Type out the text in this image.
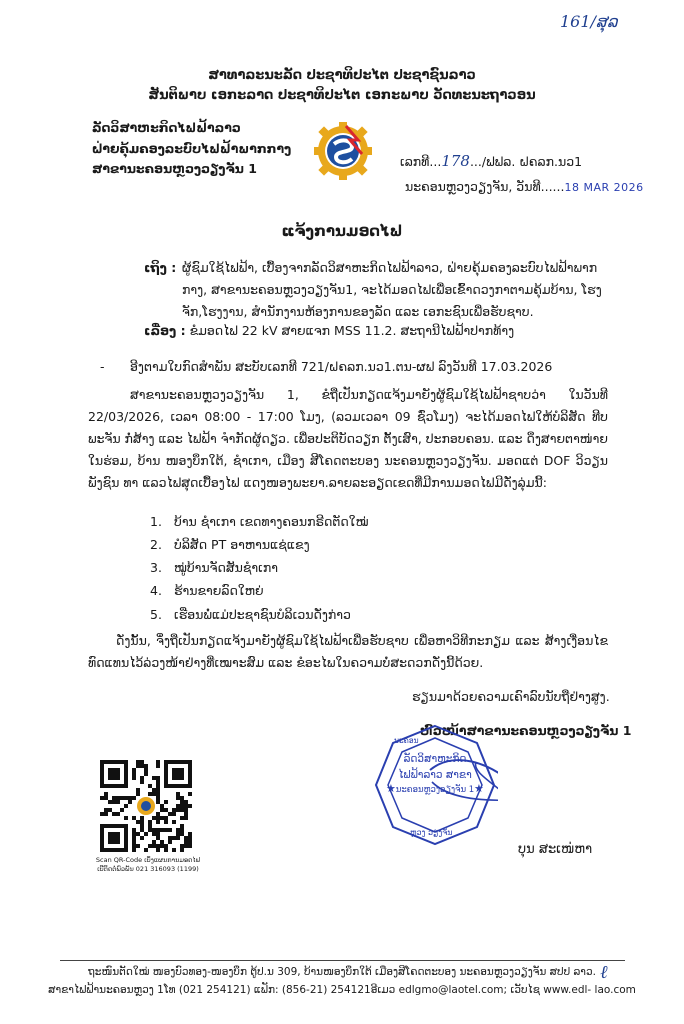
161/ສຸລ
ສາທາລະນະລັດ ປະຊາທິປະໄຕ ປະຊາຊົນລາວ
ສັນຕິພາບ ເອກະລາດ ປະຊາທິປະໄຕ ເອກະພາບ ວັດທະນະຖາວອນ
ລັດວິສາຫະກິດໄຟຟ້າລາວ
ຝ່າຍຄຸ້ມຄອງລະບົບໄຟຟ້າພາກກາງ
ສາຂານະຄອນຫຼວງວຽງຈັນ 1	ເລກທີ...178.../ຟຟລ. ຝຄລກ.ນວ1
ນະຄອນຫຼວງວຽງຈັນ, ວັນທີ......18 MAR 2026
ແຈ້ງການມອດໄຟ
ເຖິງ : ຜູ້ຊົມໃຊ້ໄຟຟ້າ, ເບື້ອງຈາກລັດວິສາຫະກິດໄຟຟ້າລາວ, ຝ່າຍຄຸ້ມຄອງລະບົບໄຟຟ້າພາກກາງ, ສາຂານະຄອນຫຼວງວຽງຈັນ1, ຈະໄດ້ມອດໄຟເພື່ອເຂົ້າດວງກາຕາມຄຸ້ມບ້ານ, ໂຮງຈັກ,ໂຮງງານ, ສໍານັກງານຫ້ອງການຂອງລັດ ແລະ ເອກະຊົນເພື່ອຮັບຊາບ.
ເລື່ອງ : ຂໍມອດໄຟ 22 kV ສາຍແຈກ MSS 11.2. ສະຖານີໄຟຟ້າປາກທ້າງ
- ອີງຕາມໃບກົດສໍາພັນ ສະບັບເລກທີ 721/ຝຄລກ.ນວ1.ຕນ-ຜຟ ລົງວັນທີ 17.03.2026
ສາຂານະຄອນຫຼວງວຽງຈັນ 1, ຂໍຖືເປັນກຽດແຈ້ງມາຍັງຜູ້ຊົມໃຊ້ໄຟຟ້າຊາບວ່າ ໃນວັນທີ 22/03/2026, ເວລາ 08:00 - 17:00 ໂມງ, (ລວມເວລາ 09 ຊົ່ວໂມງ) ຈະໄດ້ມອດໄຟໃຫ້ບໍລິສັດ ທີບພະຈັນ ກໍ່ສ້າງ ແລະ ໄຟຟ້າ ຈໍາກັດຜູ້ດຽວ. ເພື່ອປະຕິບັດວຽກ ຕັ້ງເສົາ, ປະກອບຄອນ. ແລະ ດຶງສາຍຕາໜ່າຍ ໃນຮ່ອມ, ບ້ານ ໜອງບຶກໃຕ້, ຊໍາເກາ, ເມືອງ ສີໂຄດຕະບອງ ນະຄອນຫຼວງວຽງຈັນ. ມອດແຕ່ DOF ວິວຽນພັງຊົນ ທາ ແລວໄຟສຸດເບື້ອງໄຟ ແດງໜອງພະຍາ.ລາຍລະອຽດເຂດທີ່ມີການມອດໄຟມີດັ່ງລຸ່ມນີ້:
1. ບ້ານ ຊໍາເກາ ເຂດທາງຄອນກຣີດຕັດໃໝ່
2. ບໍລິສັດ PT ອາຫານແຊ່ແຂງ
3. ໝູ່ບ້ານຈັດສັນຊໍາເກາ
4. ຮ້ານຂາຍລົດໃຫຍ່
5. ເຮືອນພໍ່ແມ່ປະຊາຊົນບໍລິເວນດັ່ງກ່າວ
ດັ່ງນັ້ນ, ຈຶ່ງຖືເປັນກຽດແຈ້ງມາຍັງຜູ້ຊົມໃຊ້ໄຟຟ້າເພື່ອຮັບຊາບ ເພື່ອຫາວິທີກະກຽມ ແລະ ສ້າງເງື່ອນໄຂທົດແທນໄວ້ລ່ວງໜ້າຢ່າງທີ່ເໝາະສົມ ແລະ ຂໍອະໄພໃນຄວາມບໍ່ສະດວກດັ່ງນີ້ດ້ວຍ.
ຮຽນມາດ້ວຍຄວາມເຄົາລົບນັບຖືຢ່າງສູງ.
ຫົວໜ້າສາຂານະຄອນຫຼວງວຽງຈັນ 1
★	★
ລັດວິສາຫະກິດ
ໄຟຟ້າລາວ ສາຂາ
ນະຄອນຫຼວງວຽງຈັນ 1
ນະຄອນ
ຫຼວງ ວຽງຈັນ
ບຸນ ສະເໜ່ຫາ
Scan QR-Code ເບິ່ງແຜນການມອດໄຟ
ເບີຕິດຕໍ່ພົວພັນ 021 316093 (1199)
ຖະໜົນຕັດໃໝ່ ໜອງບົວທອງ-ໜອງບຶກ ຕູ້ປ.ນ 309, ບ້ານໜອງບຶກໃຕ້ ເມືອງສີໂຄດຕະບອງ ນະຄອນຫຼວງວຽງຈັນ ສປປ ລາວ.
ສາຂາໄຟຟ້ານະຄອນຫຼວງ 1ໂທ (021 254121) ແຟັກ: (856-21) 254121ອີເມວ edlgmo@laotel.com; ເວັບໄຊ www.edl- lao.com
ℓ
